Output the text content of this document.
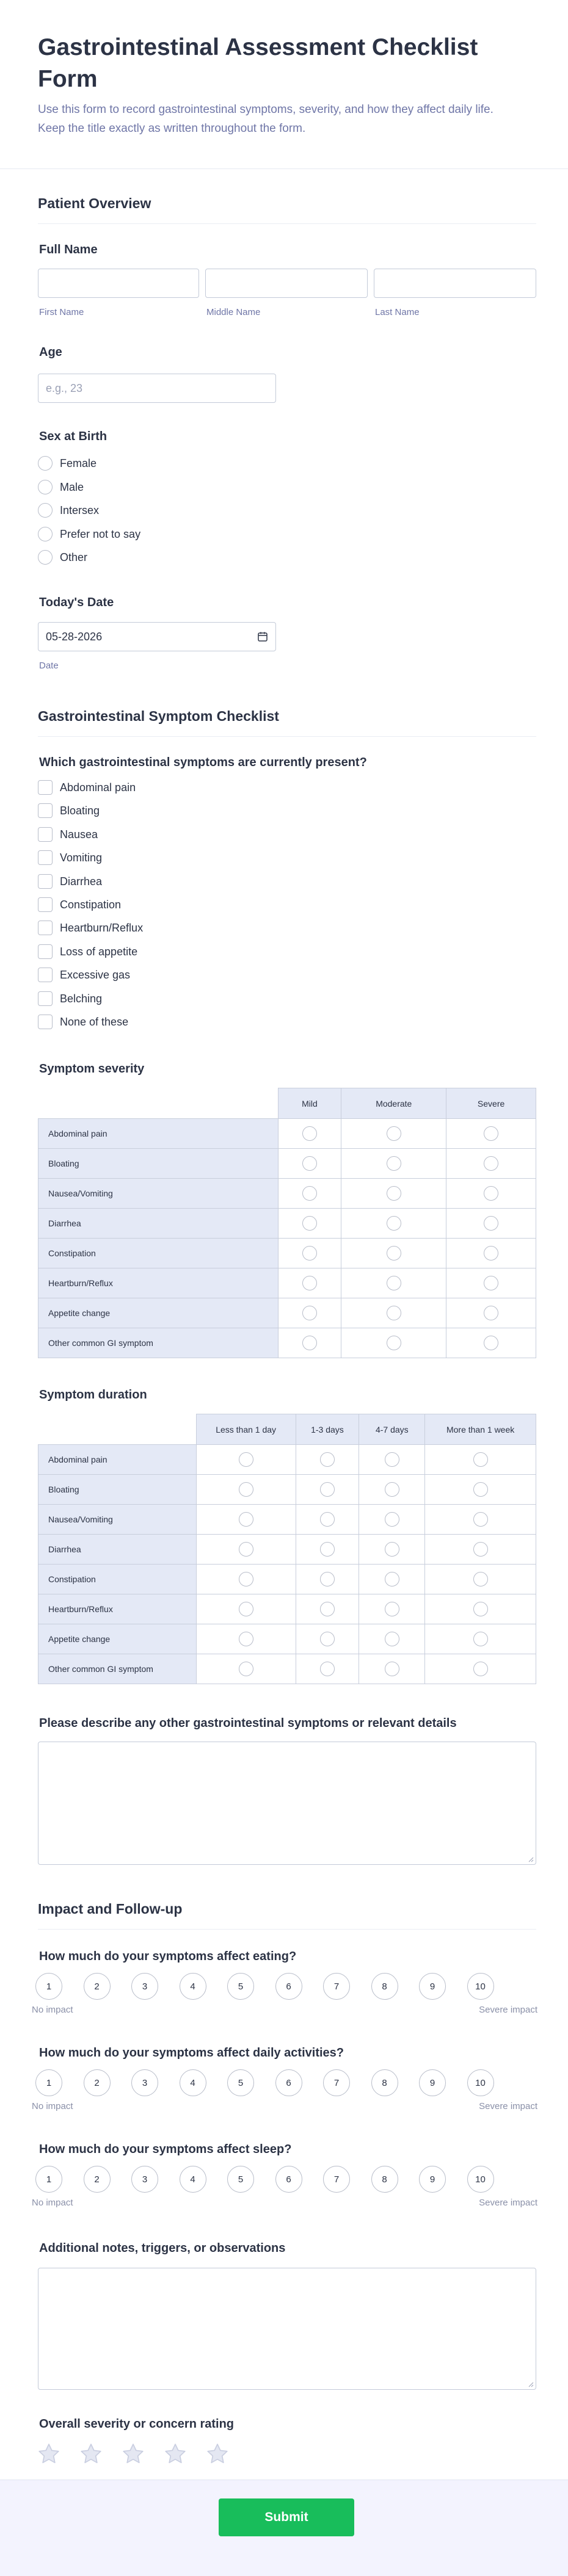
Gastrointestinal Assessment Checklist Form
Use this form to record gastrointestinal symptoms, severity, and how they affect daily life. Keep the title exactly as written throughout the form.
Patient Overview
Full Name
First Name	Middle Name	Last Name
Age
e.g., 23
Sex at Birth
Female
Male
Intersex
Prefer not to say
Other
Today's Date
05-28-2026
Date
Gastrointestinal Symptom Checklist
Which gastrointestinal symptoms are currently present?
Abdominal pain
Bloating
Nausea
Vomiting
Diarrhea
Constipation
Heartburn/Reflux
Loss of appetite
Excessive gas
Belching
None of these
Symptom severity
	Mild	Moderate	Severe
Abdominal pain			
Bloating			
Nausea/Vomiting			
Diarrhea			
Constipation			
Heartburn/Reflux			
Appetite change			
Other common GI symptom			
Symptom duration
	Less than 1 day	1-3 days	4-7 days	More than 1 week
Abdominal pain				
Bloating				
Nausea/Vomiting				
Diarrhea				
Constipation				
Heartburn/Reflux				
Appetite change				
Other common GI symptom				
Please describe any other gastrointestinal symptoms or relevant details
Impact and Follow-up
How much do your symptoms affect eating?
1	2	3	4	5	6	7	8	9	10
No impact	Severe impact
How much do your symptoms affect daily activities?
1	2	3	4	5	6	7	8	9	10
No impact	Severe impact
How much do your symptoms affect sleep?
1	2	3	4	5	6	7	8	9	10
No impact	Severe impact
Additional notes, triggers, or observations
Overall severity or concern rating
Submit
